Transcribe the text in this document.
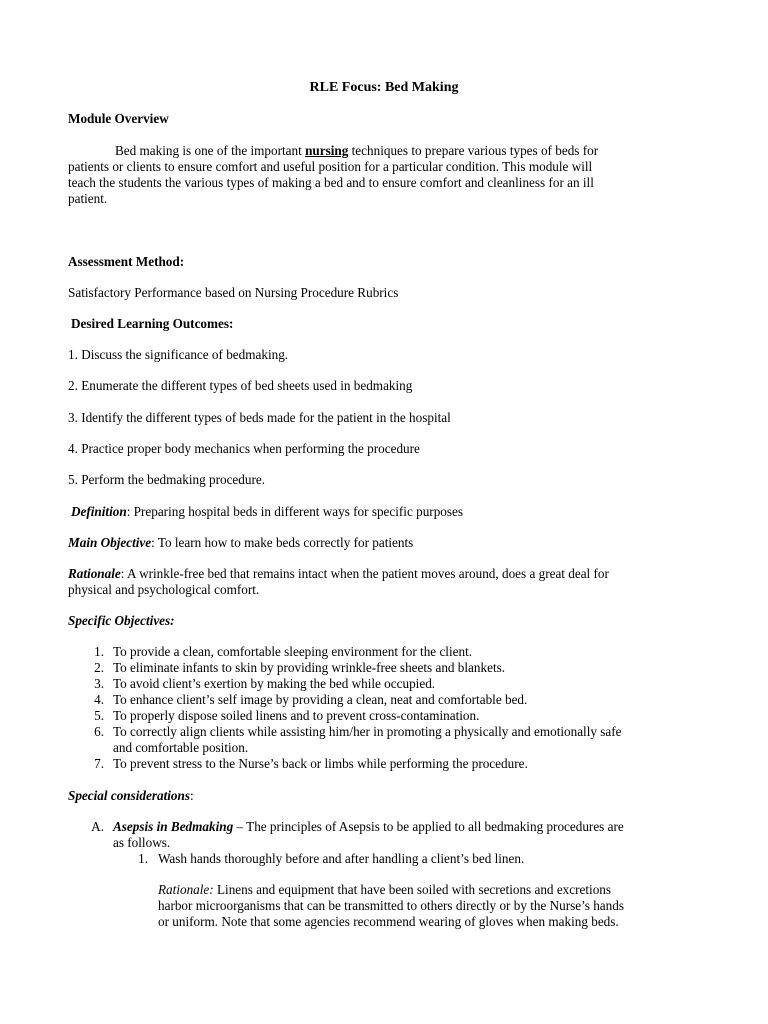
RLE Focus: Bed Making
Module Overview
Bed making is one of the important nursing techniques to prepare various types of beds for
patients or clients to ensure comfort and useful position for a particular condition. This module will
teach the students the various types of making a bed and to ensure comfort and cleanliness for an ill
patient.
Assessment Method:
Satisfactory Performance based on Nursing Procedure Rubrics
Desired Learning Outcomes:
1. Discuss the significance of bedmaking.
2. Enumerate the different types of bed sheets used in bedmaking
3. Identify the different types of beds made for the patient in the hospital
4. Practice proper body mechanics when performing the procedure
5. Perform the bedmaking procedure.
Definition: Preparing hospital beds in different ways for specific purposes
Main Objective: To learn how to make beds correctly for patients
Rationale: A wrinkle-free bed that remains intact when the patient moves around, does a great deal for
physical and psychological comfort.
Specific Objectives:
1. To provide a clean, comfortable sleeping environment for the client.
2. To eliminate infants to skin by providing wrinkle-free sheets and blankets.
3. To avoid client’s exertion by making the bed while occupied.
4. To enhance client’s self image by providing a clean, neat and comfortable bed.
5. To properly dispose soiled linens and to prevent cross-contamination.
6. To correctly align clients while assisting him/her in promoting a physically and emotionally safe
and comfortable position.
7. To prevent stress to the Nurse’s back or limbs while performing the procedure.
Special considerations:
A. Asepsis in Bedmaking – The principles of Asepsis to be applied to all bedmaking procedures are
as follows.
1. Wash hands thoroughly before and after handling a client’s bed linen.
Rationale: Linens and equipment that have been soiled with secretions and excretions
harbor microorganisms that can be transmitted to others directly or by the Nurse’s hands
or uniform. Note that some agencies recommend wearing of gloves when making beds.
